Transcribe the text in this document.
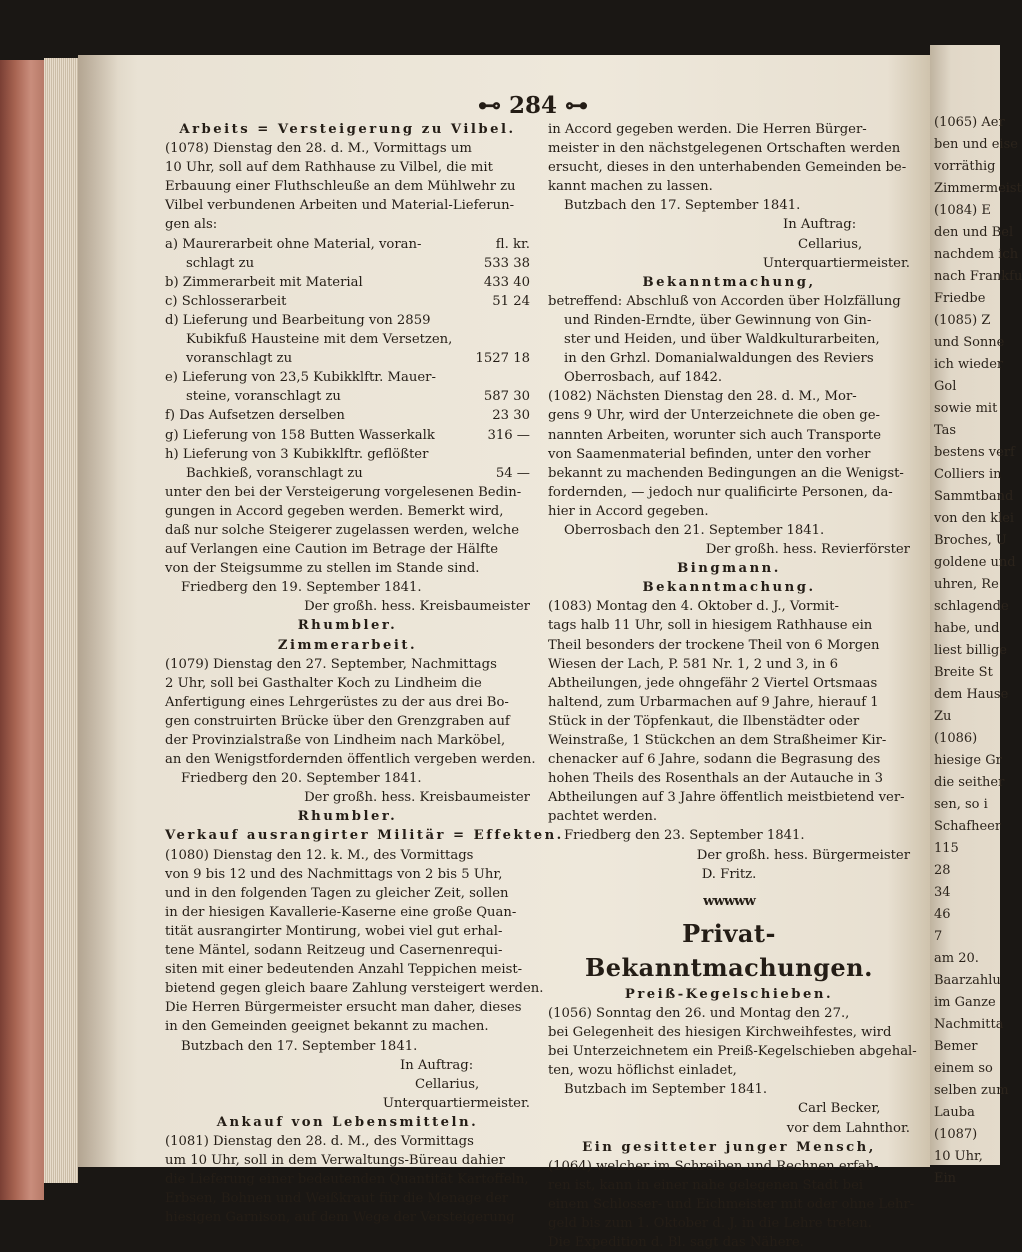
⊷ 284 ⊶

Arbeits = Versteigerung zu Vilbel.

(1078) Dienstag den 28. d. M., Vormittags um

10 Uhr, soll auf dem Rathhause zu Vilbel, die mit

Erbauung einer Fluthschleuße an dem Mühlwehr zu

Vilbel verbundenen Arbeiten und Material-Lieferun-

gen als:

a) Maurerarbeit ohne Material, voran-	fl. kr.

schlagt zu	533 38

b) Zimmerarbeit mit Material	433 40

c) Schlosserarbeit	51 24

d) Lieferung und Bearbeitung von 2859

Kubikfuß Hausteine mit dem Versetzen,

voranschlagt zu	1527 18

e) Lieferung von 23,5 Kubikklftr. Mauer-

steine, voranschlagt zu	587 30

f) Das Aufsetzen derselben	23 30

g) Lieferung von 158 Butten Wasserkalk	316 —

h) Lieferung von 3 Kubikklftr. geflößter

Bachkieß, voranschlagt zu	54 —

unter den bei der Versteigerung vorgelesenen Bedin-

gungen in Accord gegeben werden. Bemerkt wird,

daß nur solche Steigerer zugelassen werden, welche

auf Verlangen eine Caution im Betrage der Hälfte

von der Steigsumme zu stellen im Stande sind.

Friedberg den 19. September 1841.

Der großh. hess. Kreisbaumeister

Rhumbler.

Zimmerarbeit.

(1079) Dienstag den 27. September, Nachmittags

2 Uhr, soll bei Gasthalter Koch zu Lindheim die

Anfertigung eines Lehrgerüstes zu der aus drei Bo-

gen construirten Brücke über den Grenzgraben auf

der Provinzialstraße von Lindheim nach Marköbel,

an den Wenigstfordernden öffentlich vergeben werden.

Friedberg den 20. September 1841.

Der großh. hess. Kreisbaumeister

Rhumbler.

Verkauf ausrangirter Militär = Effekten.

(1080) Dienstag den 12. k. M., des Vormittags

von 9 bis 12 und des Nachmittags von 2 bis 5 Uhr,

und in den folgenden Tagen zu gleicher Zeit, sollen

in der hiesigen Kavallerie-Kaserne eine große Quan-

tität ausrangirter Montirung, wobei viel gut erhal-

tene Mäntel, sodann Reitzeug und Casernenrequi-

siten mit einer bedeutenden Anzahl Teppichen meist-

bietend gegen gleich baare Zahlung versteigert werden.

Die Herren Bürgermeister ersucht man daher, dieses

in den Gemeinden geeignet bekannt zu machen.

Butzbach den 17. September 1841.

In Auftrag:

Cellarius,

Unterquartiermeister.

Ankauf von Lebensmitteln.

(1081) Dienstag den 28. d. M., des Vormittags

um 10 Uhr, soll in dem Verwaltungs-Büreau dahier

die Lieferung einer bedeutenden Quantität Kartoffeln,

Erbsen, Bohnen und Weißkraut für die Menage der

hiesigen Garnison, auf dem Wege der Versteigerung

in Accord gegeben werden. Die Herren Bürger-

meister in den nächstgelegenen Ortschaften werden

ersucht, dieses in den unterhabenden Gemeinden be-

kannt machen zu lassen.

Butzbach den 17. September 1841.

In Auftrag:

Cellarius,

Unterquartiermeister.

Bekanntmachung,

betreffend: Abschluß von Accorden über Holzfällung

und Rinden-Erndte, über Gewinnung von Gin-

ster und Heiden, und über Waldkulturarbeiten,

in den Grhzl. Domanialwaldungen des Reviers

Oberrosbach, auf 1842.

(1082) Nächsten Dienstag den 28. d. M., Mor-

gens 9 Uhr, wird der Unterzeichnete die oben ge-

nannten Arbeiten, worunter sich auch Transporte

von Saamenmaterial befinden, unter den vorher

bekannt zu machenden Bedingungen an die Wenigst-

fordernden, — jedoch nur qualificirte Personen, da-

hier in Accord gegeben.

Oberrosbach den 21. September 1841.

Der großh. hess. Revierförster

Bingmann.

Bekanntmachung.

(1083) Montag den 4. Oktober d. J., Vormit-

tags halb 11 Uhr, soll in hiesigem Rathhause ein

Theil besonders der trockene Theil von 6 Morgen

Wiesen der Lach, P. 581 Nr. 1, 2 und 3, in 6

Abtheilungen, jede ohngefähr 2 Viertel Ortsmaas

haltend, zum Urbarmachen auf 9 Jahre, hierauf 1

Stück in der Töpfenkaut, die Ilbenstädter oder

Weinstraße, 1 Stückchen an dem Straßheimer Kir-

chenacker auf 6 Jahre, sodann die Begrasung des

hohen Theils des Rosenthals an der Autauche in 3

Abtheilungen auf 3 Jahre öffentlich meistbietend ver-

pachtet werden.

Friedberg den 23. September 1841.

Der großh. hess. Bürgermeister

D. Fritz.

wwwww
Privat-Bekanntmachungen.

Preiß-Kegelschieben.

(1056) Sonntag den 26. und Montag den 27.,

bei Gelegenheit des hiesigen Kirchweihfestes, wird

bei Unterzeichnetem ein Preiß-Kegelschieben abgehal-

ten, wozu höflichst einladet,

Butzbach im September 1841.

Carl Becker,

vor dem Lahnthor.

Ein gesitteter junger Mensch,

(1064) welcher im Schreiben und Rechnen erfah-

ren ist, kann in einer nahe gelegenen Stadt bei

einem Schlosser- und Eichmeister mit oder ohne Lehr-

geld bis zum 1. Oktober d. J. in die Lehre treten.

Die Expedition d. Bl. sagt das Nähere.

(1065) Aer
ben und eise
vorräthig
Zimmermeist
(1084) E
den und Bel
nachdem ich
nach Frankfu
Friedbe
(1085) Z
und Sonne
ich wieder
Gol
sowie mit
Tas
bestens verf
Colliers in
Sammtband
von den klei
Broches, U
goldene und
uhren, Re
schlagende
habe, und
liest billige
Breite St
dem Hause
Zu
(1086)
hiesige Gr
die seither
sen, so i
Schafheer
115
28
34
46
7
am 20.
Baarzahlu
im Ganze
Nachmitta
Bemer
einem so
selben zum
Lauba
(1087)
10 Uhr,
Ein
